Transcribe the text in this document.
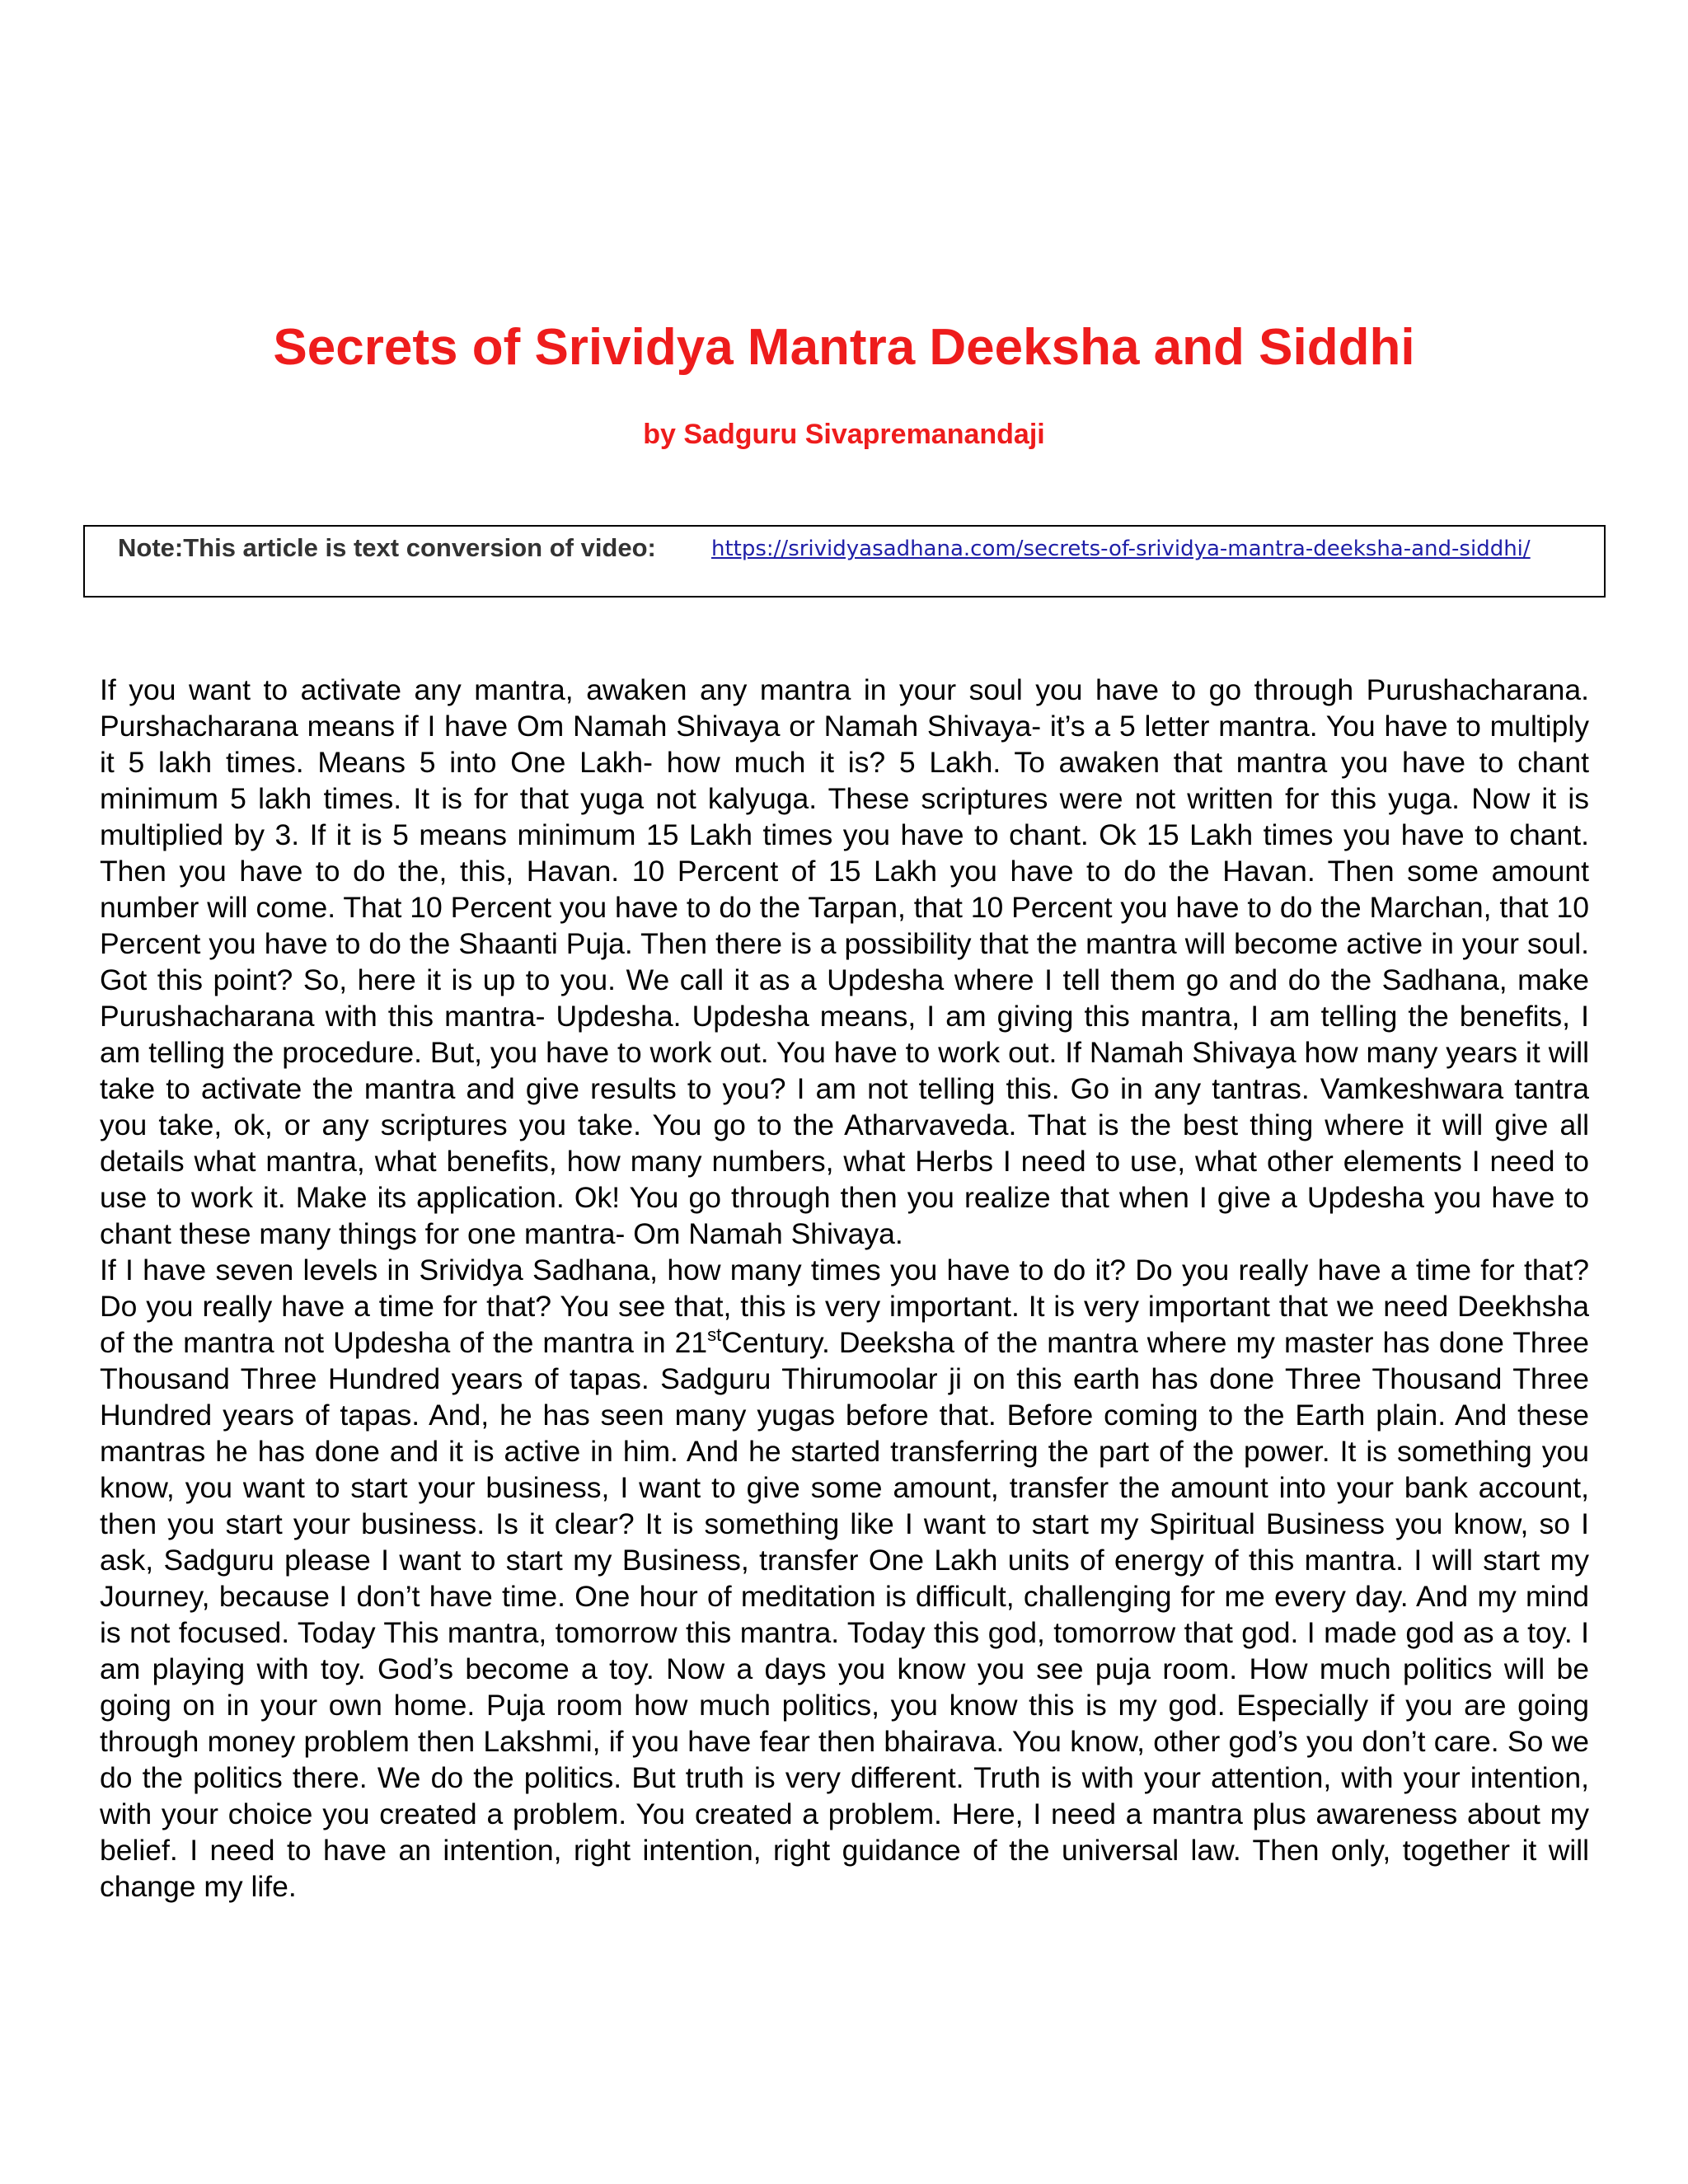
Secrets of Srividya Mantra Deeksha and Siddhi
by Sadguru Sivapremanandaji
Note:This article is text conversion of video:	https://srividyasadhana.com/secrets-of-srividya-mantra-deeksha-and-siddhi/

If you want to activate any mantra, awaken any mantra in your soul you have to go through Purushacharana. Purshacharana means if I have Om Namah Shivaya or Namah Shivaya- it’s a 5 letter mantra. You have to multiply it 5 lakh times. Means 5 into One Lakh- how much it is? 5 Lakh. To awaken that mantra you have to chant minimum 5 lakh times. It is for that yuga not kalyuga. These scriptures were not written for this yuga. Now it is multiplied by 3. If it is 5 means minimum 15 Lakh times you have to chant. Ok 15 Lakh times you have to chant. Then you have to do the, this, Havan. 10 Percent of 15 Lakh you have to do the Havan. Then some amount number will come. That 10 Percent you have to do the Tarpan, that 10 Percent you have to do the Marchan, that 10 Percent you have to do the Shaanti Puja. Then there is a possibility that the mantra will become active in your soul. Got this point? So, here it is up to you. We call it as a Updesha where I tell them go and do the Sadhana, make Purushacharana with this mantra- Updesha. Updesha means, I am giving this mantra, I am telling the benefits, I am telling the procedure. But, you have to work out. You have to work out. If Namah Shivaya how many years it will take to activate the mantra and give results to you? I am not telling this. Go in any tantras. Vamkeshwara tantra you take, ok, or any scriptures you take. You go to the Atharvaveda. That is the best thing where it will give all details what mantra, what benefits, how many numbers, what Herbs I need to use, what other elements I need to use to work it. Make its application. Ok! You go through then you realize that when I give a Updesha you have to chant these many things for one mantra- Om Namah Shivaya.

If I have seven levels in Srividya Sadhana, how many times you have to do it? Do you really have a time for that? Do you really have a time for that? You see that, this is very important. It is very important that we need Deekhsha of the mantra not Updesha of the mantra in 21stCentury. Deeksha of the mantra where my master has done Three Thousand Three Hundred years of tapas. Sadguru Thirumoolar ji on this earth has done Three Thousand Three Hundred years of tapas. And, he has seen many yugas before that. Before coming to the Earth plain. And these mantras he has done and it is active in him. And he started transferring the part of the power. It is something you know, you want to start your business, I want to give some amount, transfer the amount into your bank account, then you start your business. Is it clear? It is something like I want to start my Spiritual Business you know, so I ask, Sadguru please I want to start my Business, transfer One Lakh units of energy of this mantra. I will start my Journey, because I don’t have time. One hour of meditation is difficult, challenging for me every day. And my mind is not focused. Today This mantra, tomorrow this mantra. Today this god, tomorrow that god. I made god as a toy. I am playing with toy. God’s become a toy. Now a days you know you see puja room. How much politics will be going on in your own home. Puja room how much politics, you know this is my god. Especially if you are going through money problem then Lakshmi, if you have fear then bhairava. You know, other god’s you don’t care. So we do the politics there. We do the politics. But truth is very different. Truth is with your attention, with your intention, with your choice you created a problem. You created a problem. Here, I need a mantra plus awareness about my belief. I need to have an intention, right intention, right guidance of the universal law. Then only, together it will change my life.
